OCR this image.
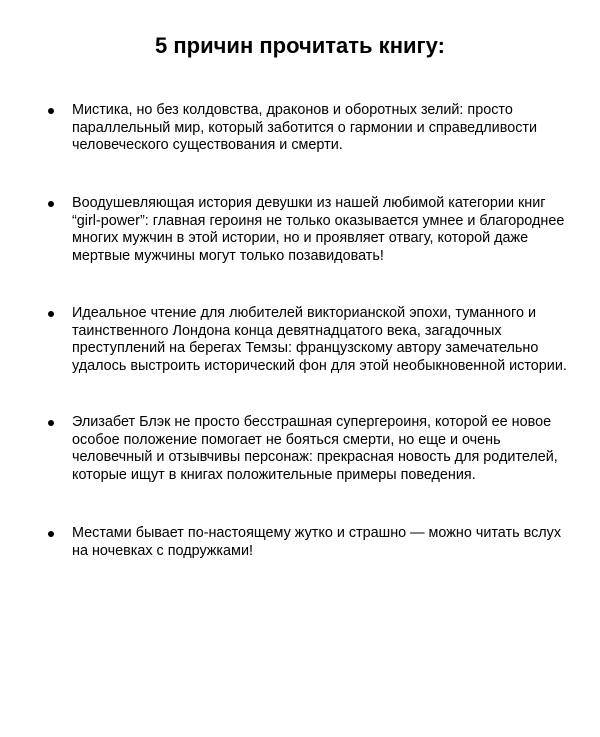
5 причин прочитать книгу:
Мистика, но без колдовства, драконов и оборотных зелий: просто
параллельный мир, который заботится о гармонии и справедливости
человеческого существования и смерти.
Воодушевляющая история девушки из нашей любимой категории книг
“girl-power”: главная героиня не только оказывается умнее и благороднее
многих мужчин в этой истории, но и проявляет отвагу, которой даже
мертвые мужчины могут только позавидовать!
Идеальное чтение для любителей викторианской эпохи, туманного и
таинственного Лондона конца девятнадцатого века, загадочных
преступлений на берегах Темзы: французскому автору замечательно
удалось выстроить исторический фон для этой необыкновенной истории.
Элизабет Блэк не просто бесстрашная супергероиня, которой ее новое
особое положение помогает не бояться смерти, но еще и очень
человечный и отзывчивы персонаж: прекрасная новость для родителей,
которые ищут в книгах положительные примеры поведения.
Местами бывает по-настоящему жутко и страшно — можно читать вслух
на ночевках с подружками!
